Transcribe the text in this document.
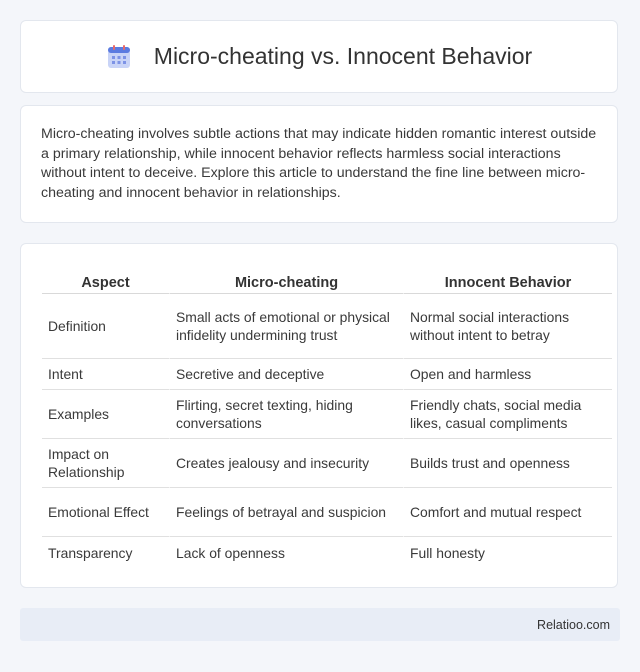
Micro-cheating vs. Innocent Behavior

Micro-cheating involves subtle actions that may indicate hidden romantic interest outside a primary relationship, while innocent behavior reflects harmless social interactions without intent to deceive. Explore this article to understand the fine line between micro-cheating and innocent behavior in relationships.

Aspect	Micro-cheating	Innocent Behavior
Definition	Small acts of emotional or physical infidelity undermining trust	Normal social interactions without intent to betray
Intent	Secretive and deceptive	Open and harmless
Examples	Flirting, secret texting, hiding conversations	Friendly chats, social media likes, casual compliments
Impact on Relationship	Creates jealousy and insecurity	Builds trust and openness
Emotional Effect	Feelings of betrayal and suspicion	Comfort and mutual respect
Transparency	Lack of openness	Full honesty
Relatioo.com
